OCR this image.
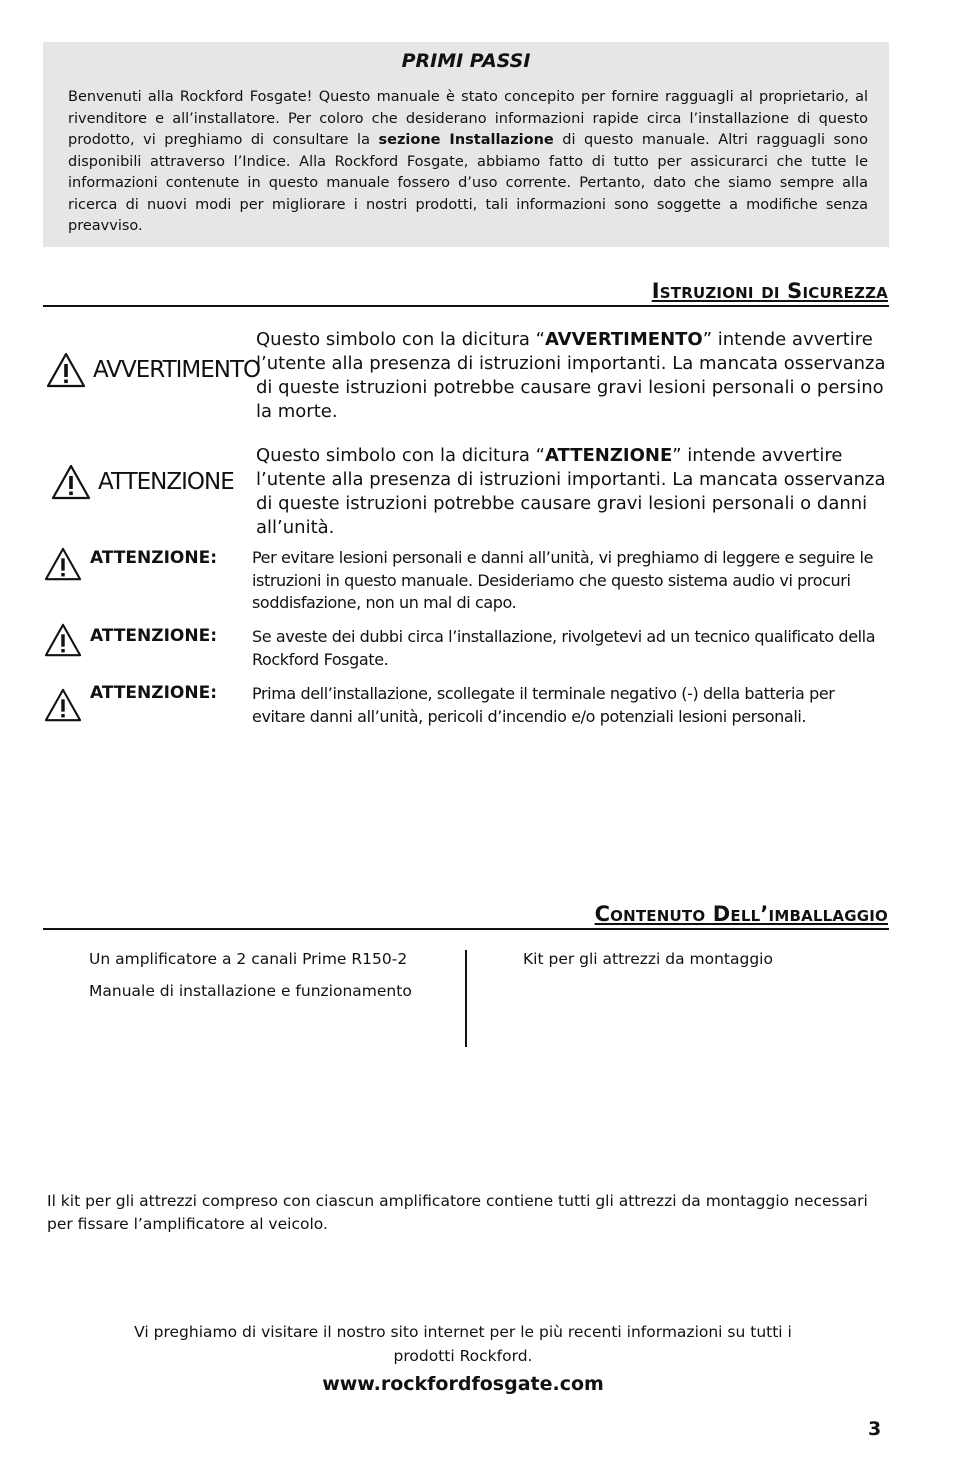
PRIMI PASSI
Benvenuti alla Rockford Fosgate! Questo manuale è stato concepito per fornire ragguagli al proprietario, al rivenditore e all’installatore. Per coloro che desiderano informazioni rapide circa l’installazione di questo prodotto, vi preghiamo di consultare la sezione Installazione di questo manuale. Altri ragguagli sono disponibili attraverso l’Indice. Alla Rockford Fosgate, abbiamo fatto di tutto per assicurarci che tutte le informazioni contenute in questo manuale fossero d’uso corrente. Pertanto, dato che siamo sempre alla ricerca di nuovi modi per migliorare i nostri prodotti, tali informazioni sono soggette a modifiche senza preavviso.
Istruzioni di Sicurezza
AVVERTIMENTO
Questo simbolo con la dicitura “AVVERTIMENTO” intende avvertire l’utente alla presenza di istruzioni importanti. La mancata osservanza di queste istruzioni potrebbe causare gravi lesioni personali o persino la morte.
ATTENZIONE
Questo simbolo con la dicitura “ATTENZIONE” intende avvertire l’utente alla presenza di istruzioni importanti. La mancata osservanza di queste istruzioni potrebbe causare gravi lesioni personali o danni all’unità.
ATTENZIONE: Per evitare lesioni personali e danni all’unità, vi preghiamo di leggere e seguire le istruzioni in questo manuale. Desideriamo che questo sistema audio vi procuri soddisfazione, non un mal di capo.
ATTENZIONE: Se aveste dei dubbi circa l’installazione, rivolgetevi ad un tecnico qualificato della Rockford Fosgate.
ATTENZIONE: Prima dell’installazione, scollegate il terminale negativo (-) della batteria per evitare danni all’unità, pericoli d’incendio e/o potenziali lesioni personali.
Contenuto Dell’imballaggio
Un amplificatore a 2 canali Prime R150-2
Manuale di installazione e funzionamento
Kit per gli attrezzi da montaggio
Il kit per gli attrezzi compreso con ciascun amplificatore contiene tutti gli attrezzi da montaggio necessari per fissare l’amplificatore al veicolo.
Vi preghiamo di visitare il nostro sito internet per le più recenti informazioni su tutti i prodotti Rockford.
www.rockfordfosgate.com
3
